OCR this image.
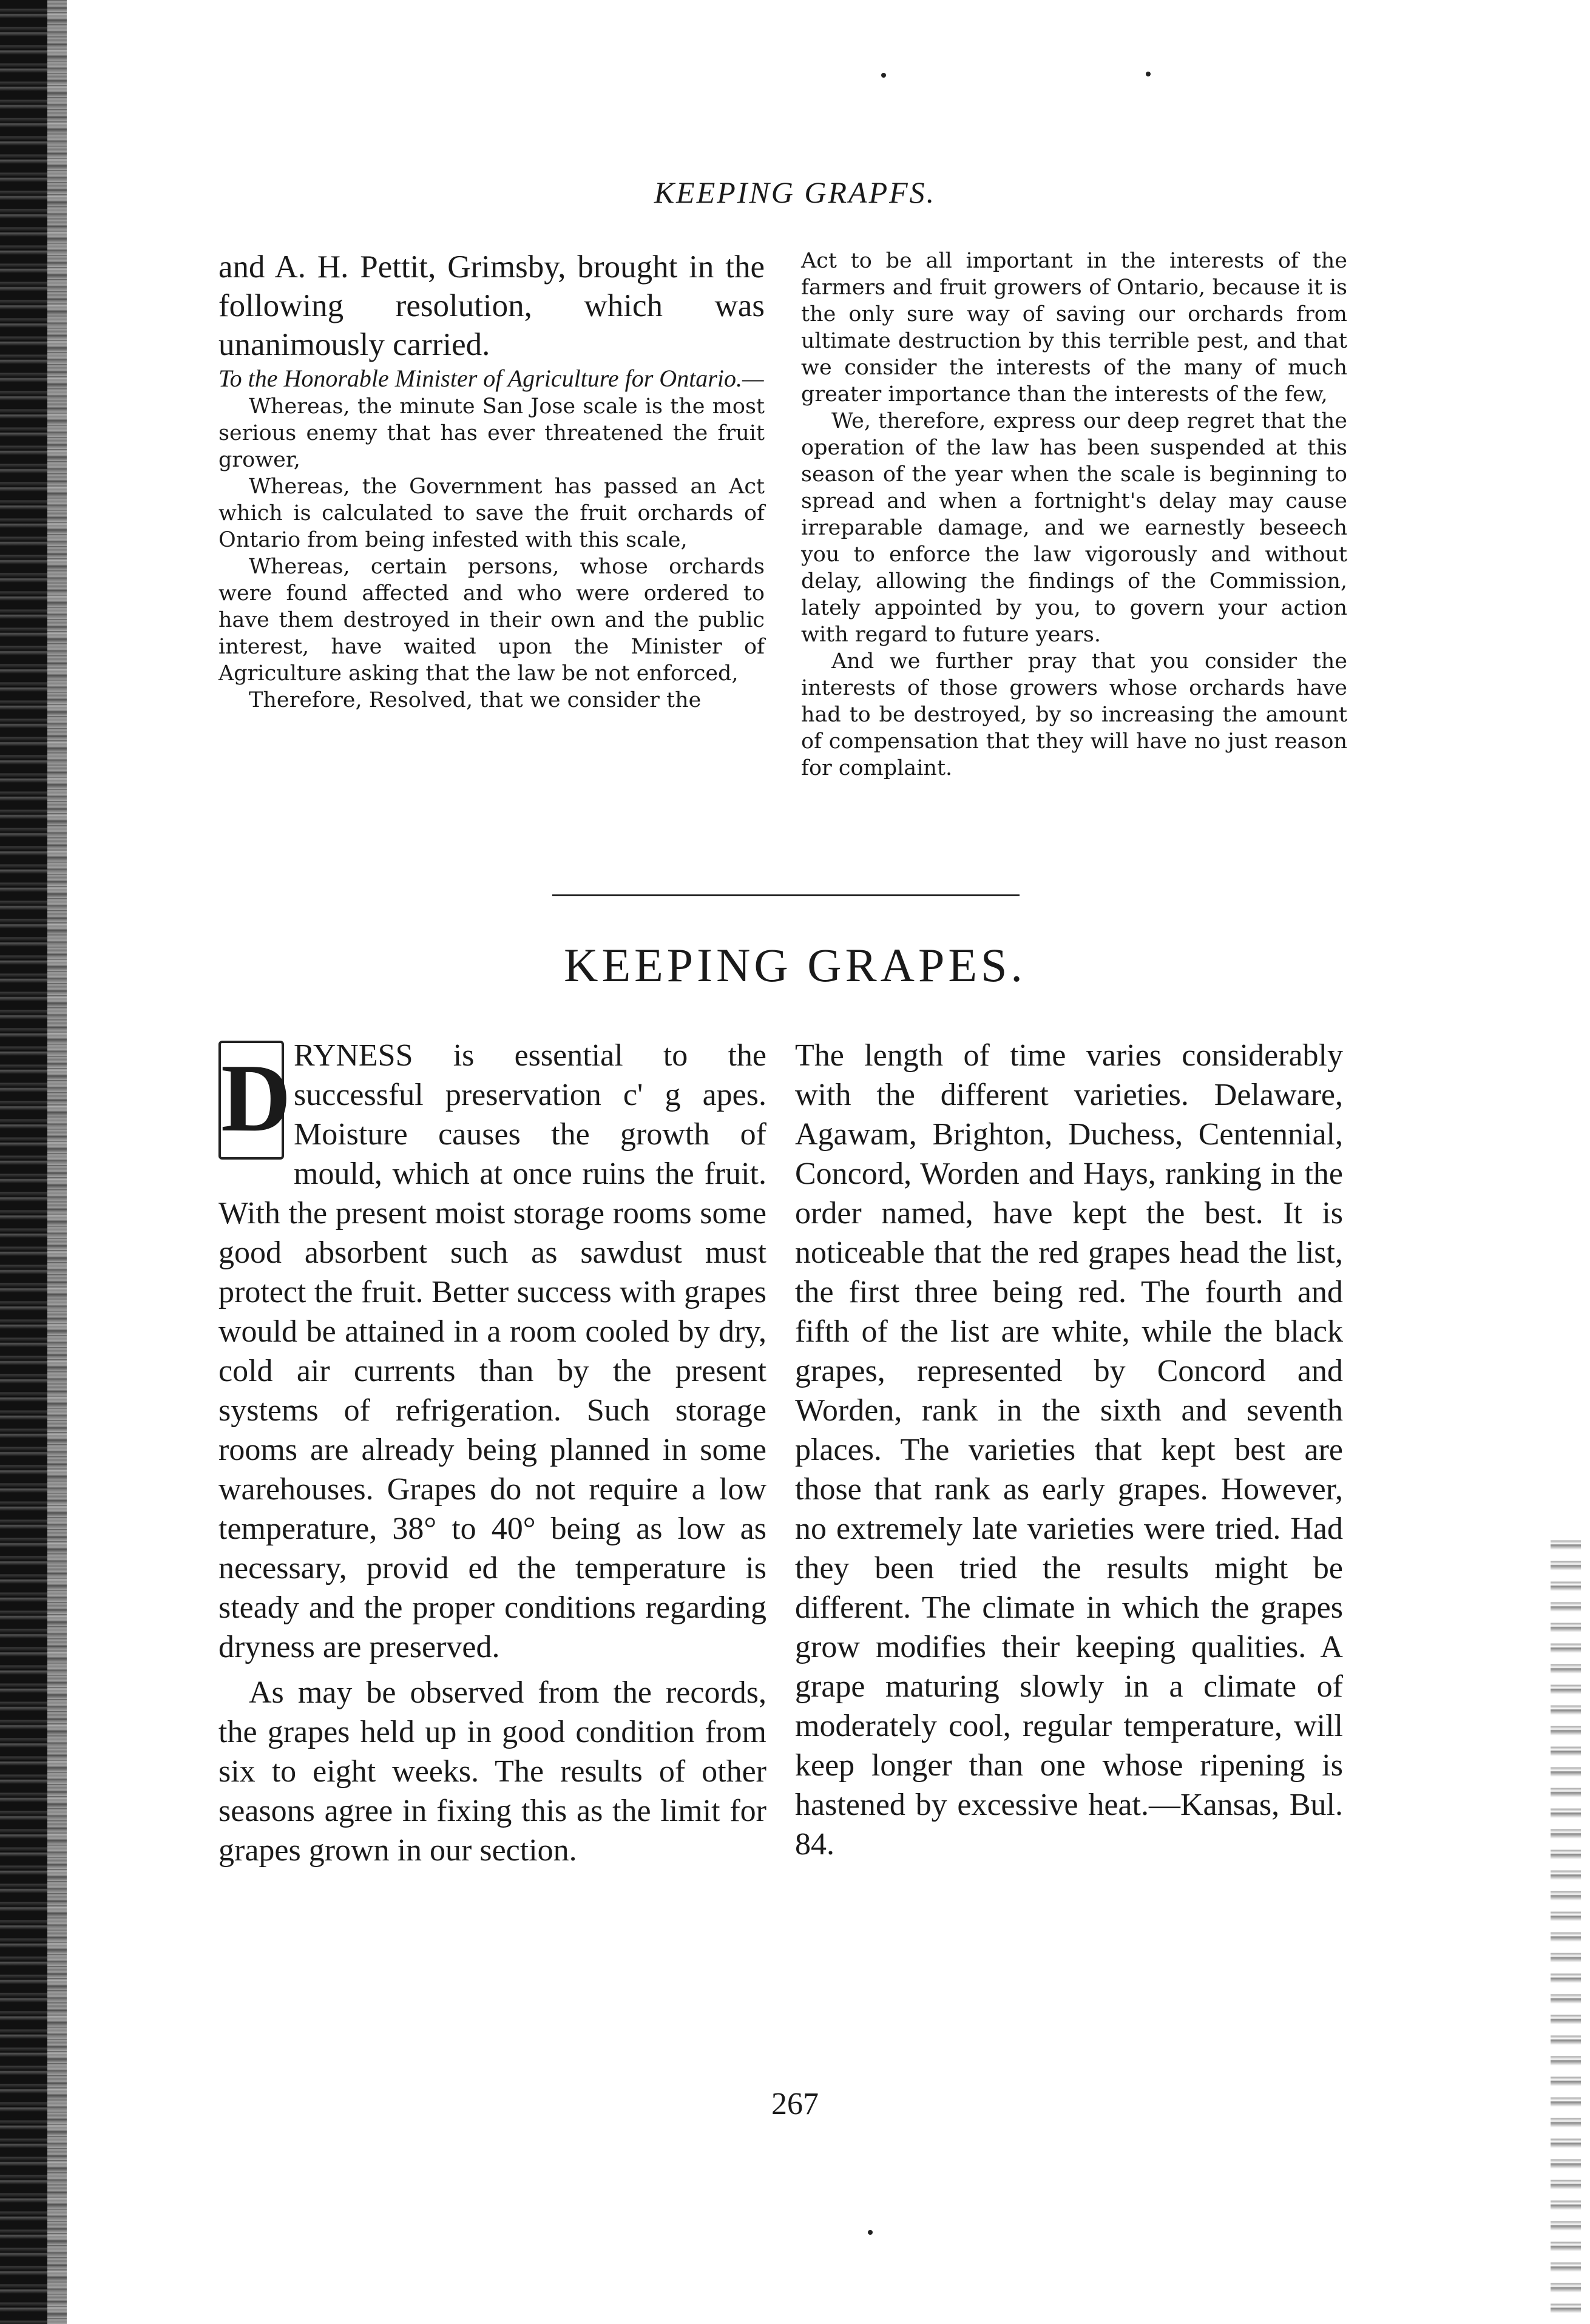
KEEPING GRAPFS.

and A. H. Pettit, Grimsby, brought in the following resolution, which was unanimously carried.

To the Honorable Minister of Agriculture for Ontario.—

Whereas, the minute San Jose scale is the most serious enemy that has ever threatened the fruit grower,

Whereas, the Government has passed an Act which is calculated to save the fruit orchards of Ontario from being infested with this scale,

Whereas, certain persons, whose orchards were found affected and who were ordered to have them destroyed in their own and the public interest, have waited upon the Minister of Agriculture asking that the law be not enforced,

Therefore, Resolved, that we consider the

Act to be all important in the interests of the farmers and fruit growers of Ontario, because it is the only sure way of saving our orchards from ultimate destruction by this terrible pest, and that we consider the interests of the many of much greater importance than the interests of the few,

We, therefore, express our deep regret that the operation of the law has been suspended at this season of the year when the scale is beginning to spread and when a fortnight's delay may cause irreparable damage, and we earnestly beseech you to enforce the law vigorously and without delay, allowing the findings of the Commission, lately appointed by you, to govern your action with regard to future years.

And we further pray that you consider the interests of those growers whose orchards have had to be destroyed, by so increasing the amount of compensation that they will have no just reason for complaint.

KEEPING GRAPES.

D RYNESS is essential to the successful preservation c' g apes. Moisture causes the growth of mould, which at once ruins the fruit. With the present moist storage rooms some good absorbent such as sawdust must protect the fruit. Better success with grapes would be attained in a room cooled by dry, cold air currents than by the present systems of refrigeration. Such storage rooms are already being planned in some warehouses. Grapes do not require a low temperature, 38° to 40° being as low as necessary, provid ed the temperature is steady and the proper conditions regarding dryness are preserved.

As may be observed from the records, the grapes held up in good condition from six to eight weeks. The results of other seasons agree in fixing this as the limit for grapes grown in our section.

The length of time varies considerably with the different varieties. Delaware, Agawam, Brighton, Duchess, Centennial, Concord, Worden and Hays, ranking in the order named, have kept the best. It is noticeable that the red grapes head the list, the first three being red. The fourth and fifth of the list are white, while the black grapes, represented by Concord and Worden, rank in the sixth and seventh places. The varieties that kept best are those that rank as early grapes. However, no extremely late varieties were tried. Had they been tried the results might be different. The climate in which the grapes grow modifies their keeping qualities. A grape maturing slowly in a climate of moderately cool, regular temperature, will keep longer than one whose ripening is hastened by excessive heat.—Kansas, Bul. 84.

267
